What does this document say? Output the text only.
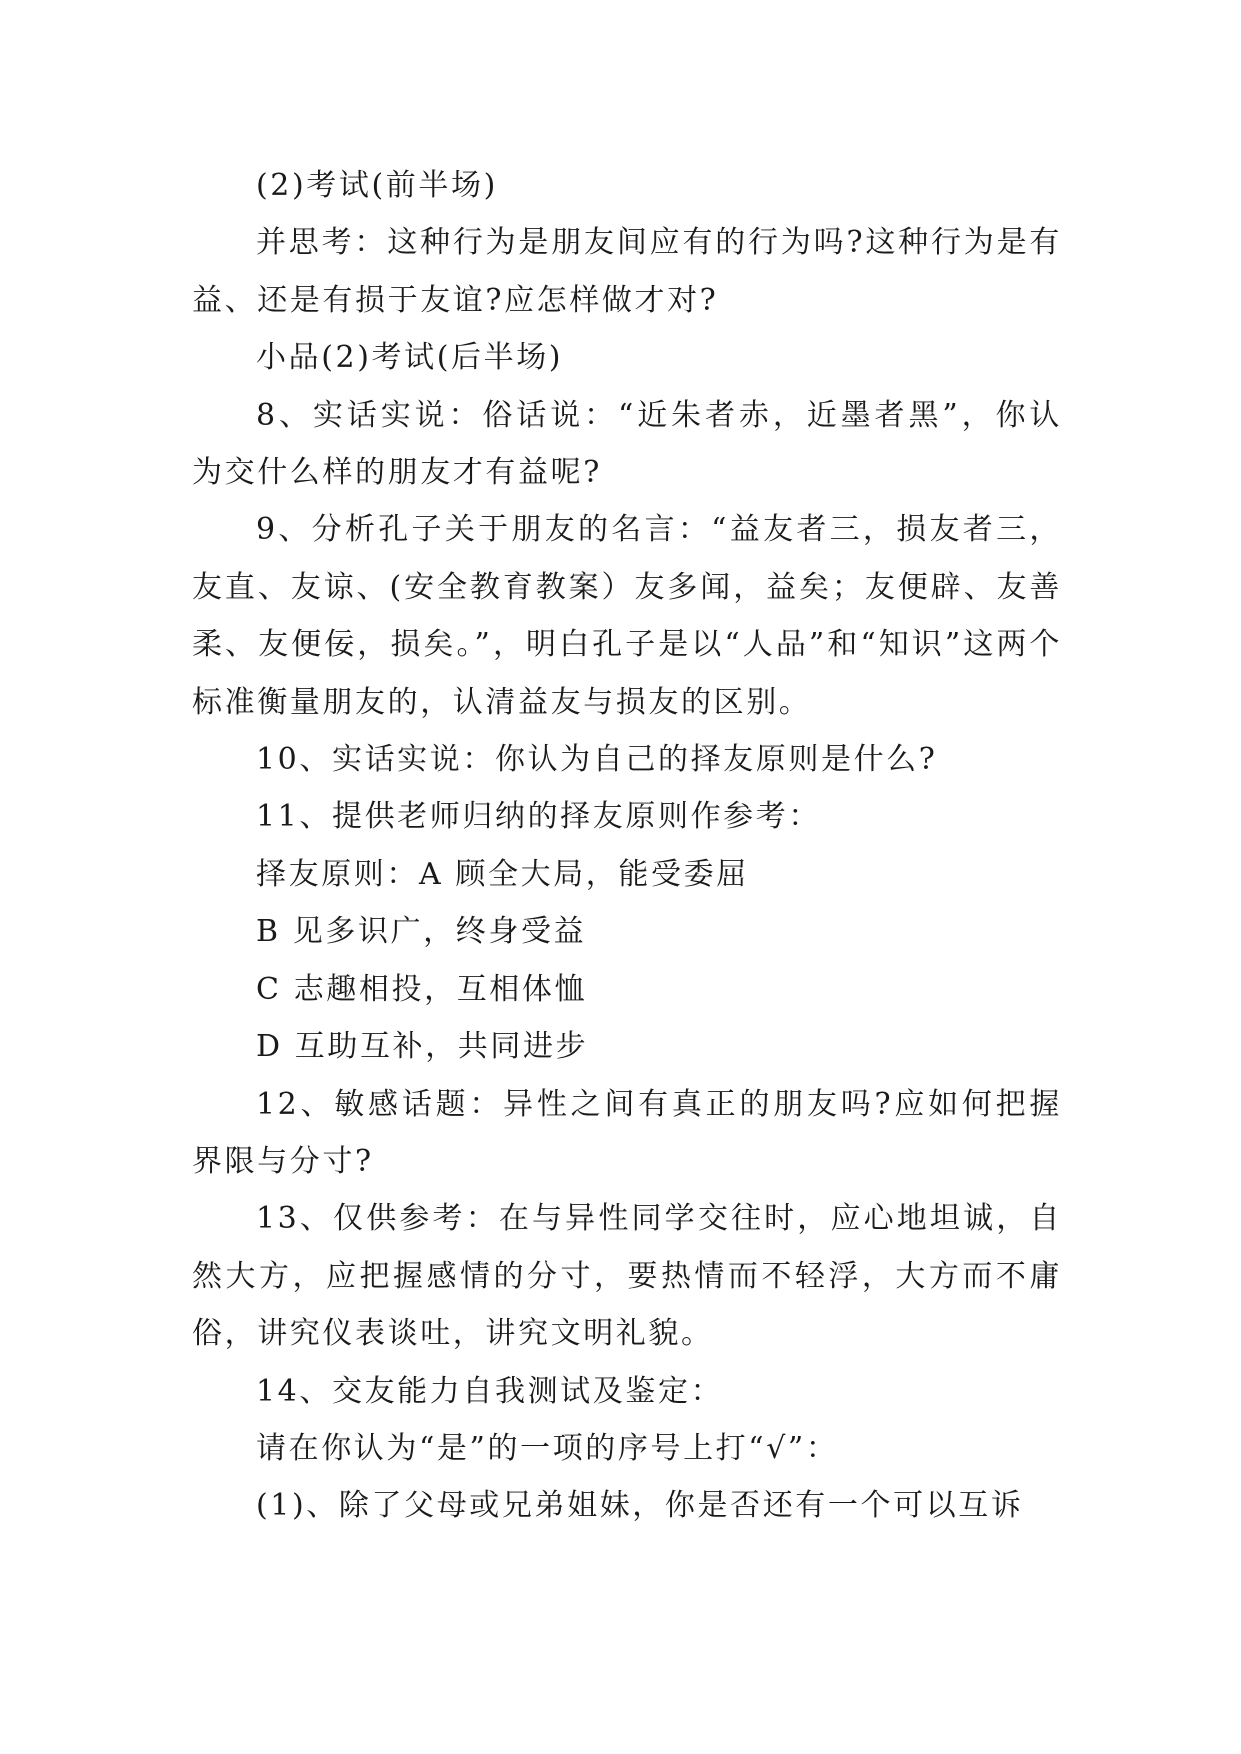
(2)考试(前半场)

并思考：这种行为是朋友间应有的行为吗?这种行为是有益、还是有损于友谊?应怎样做才对?

小品(2)考试(后半场)

8、实话实说：俗话说：“近朱者赤，近墨者黑”，你认为交什么样的朋友才有益呢?

9、分析孔子关于朋友的名言：“益友者三，损友者三，友直、友谅、(安全教育教案）友多闻，益矣；友便辟、友善柔、友便佞，损矣。”，明白孔子是以“人品”和“知识”这两个标准衡量朋友的，认清益友与损友的区别。

10、实话实说：你认为自己的择友原则是什么?

11、提供老师归纳的择友原则作参考：

择友原则：A 顾全大局，能受委屈

B 见多识广，终身受益

C 志趣相投，互相体恤

D 互助互补，共同进步

12、敏感话题：异性之间有真正的朋友吗?应如何把握界限与分寸?

13、仅供参考：在与异性同学交往时，应心地坦诚，自然大方，应把握感情的分寸，要热情而不轻浮，大方而不庸俗，讲究仪表谈吐，讲究文明礼貌。

14、交友能力自我测试及鉴定：

请在你认为“是”的一项的序号上打“√”：

(1)、除了父母或兄弟姐妹，你是否还有一个可以互诉
